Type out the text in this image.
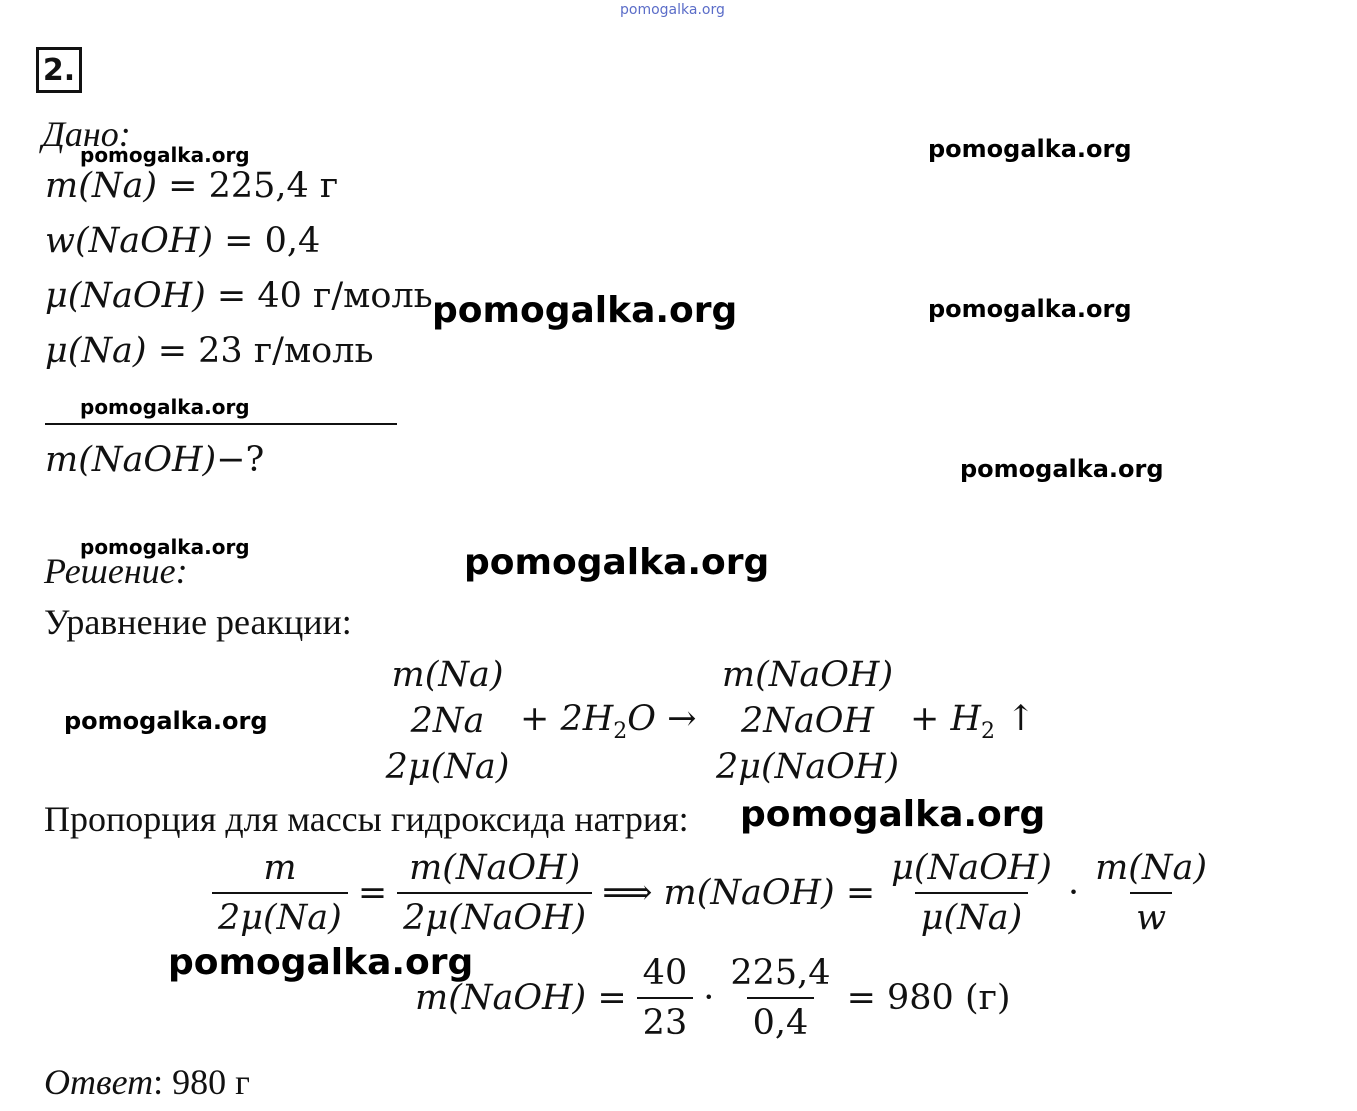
pomogalka.org
2.
Дано:
pomogalka.org	pomogalka.org
m(Na) = 225,4 г
w(NaOH) = 0,4
μ(NaOH) = 40 г/моль pomogalka.org	pomogalka.org
μ(Na) = 23 г/моль
pomogalka.org
m(NaOH)−?	pomogalka.org
pomogalka.org
Решение:	pomogalka.org
Уравнение реакции:
pomogalka.org
m(Na)
2Na
2μ(Na)
+ $2H_2O$ →
m(NaOH)
2NaOH
2μ(NaOH)
+ $H_2$ ↑
Пропорция для массы гидроксида натрия: pomogalka.org
$\frac{m}{2\mu(Na)} = \frac{\text{m(NaOH)}}{\text{2μ(NaOH)}}$ ⟹ m(NaOH) = $\frac{\text{μ(NaOH)}}{\mu(Na)} \cdot \frac{m(Na)}{w}$
pomogalka.org
m(NaOH) = $\frac{40}{23} \cdot \frac{225,4}{0,4} = 980$ (г)
Ответ: 980 г
